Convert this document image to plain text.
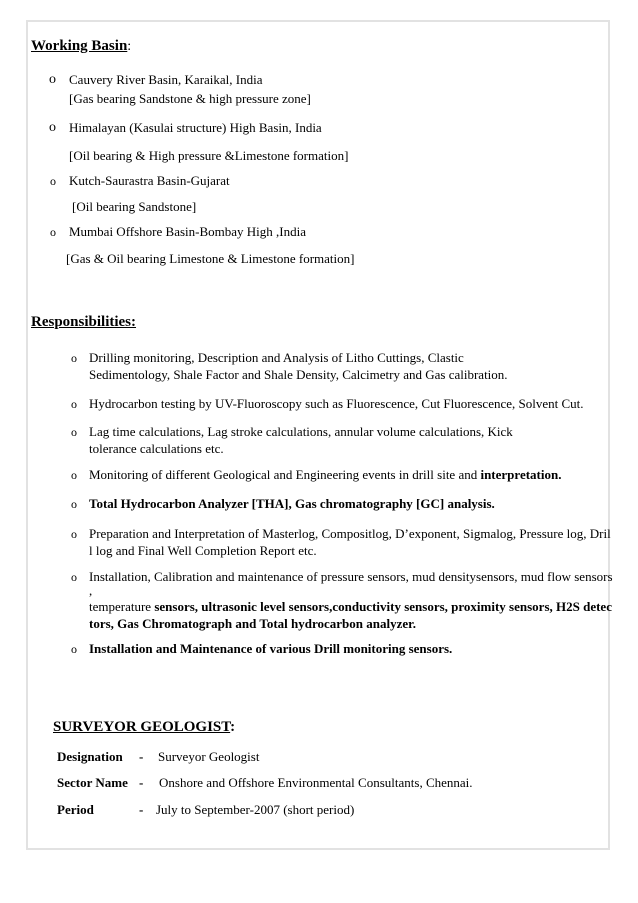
Working Basin:
o Cauvery River Basin, Karaikal, India
[Gas bearing Sandstone & high pressure zone]
o Himalayan (Kasulai structure) High Basin, India
[Oil bearing & High pressure &Limestone formation]
o Kutch-Saurastra Basin-Gujarat
[Oil bearing Sandstone]
o Mumbai Offshore Basin-Bombay High ,India
[Gas & Oil bearing Limestone & Limestone formation]
Responsibilities:
o Drilling monitoring, Description and Analysis of Litho Cuttings, Clastic
Sedimentology, Shale Factor and Shale Density, Calcimetry and Gas calibration.
o Hydrocarbon testing by UV-Fluoroscopy such as Fluorescence, Cut Fluorescence, Solvent Cut.
o Lag time calculations, Lag stroke calculations, annular volume calculations, Kick
tolerance calculations etc.
o Monitoring of different Geological and Engineering events in drill site and interpretation.
o Total Hydrocarbon Analyzer [THA], Gas chromatography [GC] analysis.
o Preparation and Interpretation of Masterlog, Compositlog, D’exponent, Sigmalog, Pressure log, Dril
l log and Final Well Completion Report etc.
o Installation, Calibration and maintenance of pressure sensors, mud densitysensors, mud flow sensors
,
temperature sensors, ultrasonic level sensors,conductivity sensors, proximity sensors, H2S detec
tors, Gas Chromatograph and Total hydrocarbon analyzer.
o Installation and Maintenance of various Drill monitoring sensors.
SURVEYOR GEOLOGIST:
Designation - Surveyor Geologist
Sector Name - Onshore and Offshore Environmental Consultants, Chennai.
Period	- July to September-2007 (short period)
